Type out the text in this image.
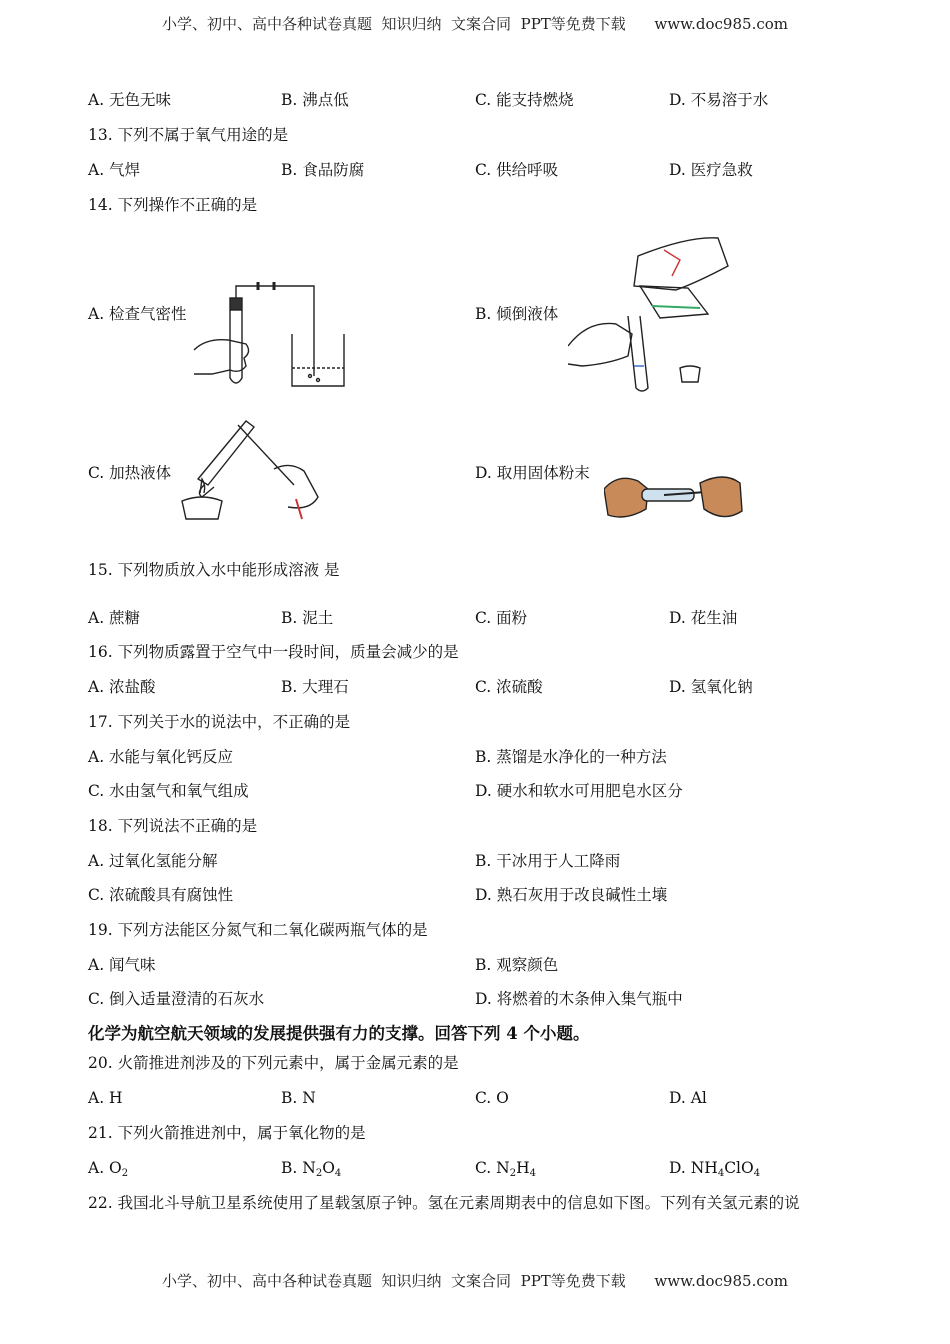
小学、初中、高中各种试卷真题  知识归纳  文案合同  PPT等免费下载      www.doc985.com
A. 无色无味	B. 沸点低	C. 能支持燃烧	D. 不易溶于水
13. 下列不属于氧气用途的是
A. 气焊	B. 食品防腐	C. 供给呼吸	D. 医疗急救
14. 下列操作不正确的是
A. 检查气密性	B. 倾倒液体
C. 加热液体	D. 取用固体粉末
15. 下列物质放入水中能形成溶液 是
A. 蔗糖	B. 泥土	C. 面粉	D. 花生油
16. 下列物质露置于空气中一段时间，质量会减少的是
A. 浓盐酸	B. 大理石	C. 浓硫酸	D. 氢氧化钠
17. 下列关于水的说法中，不正确的是
A. 水能与氧化钙反应	B. 蒸馏是水净化的一种方法
C. 水由氢气和氧气组成	D. 硬水和软水可用肥皂水区分
18. 下列说法不正确的是
A. 过氧化氢能分解	B. 干冰用于人工降雨
C. 浓硫酸具有腐蚀性	D. 熟石灰用于改良碱性土壤
19. 下列方法能区分氮气和二氧化碳两瓶气体的是
A. 闻气味	B. 观察颜色
C. 倒入适量澄清的石灰水	D. 将燃着的木条伸入集气瓶中
化学为航空航天领域的发展提供强有力的支撑。回答下列 4 个小题。
20. 火箭推进剂涉及的下列元素中，属于金属元素的是
A. H	B. N	C. O	D. Al
21. 下列火箭推进剂中，属于氧化物的是
A. $O_2$	B. $N_2O_4$	C. $N_2H_4$	D. $NH_4ClO_4$
22. 我国北斗导航卫星系统使用了星载氢原子钟。氢在元素周期表中的信息如下图。下列有关氢元素的说
小学、初中、高中各种试卷真题  知识归纳  文案合同  PPT等免费下载      www.doc985.com
